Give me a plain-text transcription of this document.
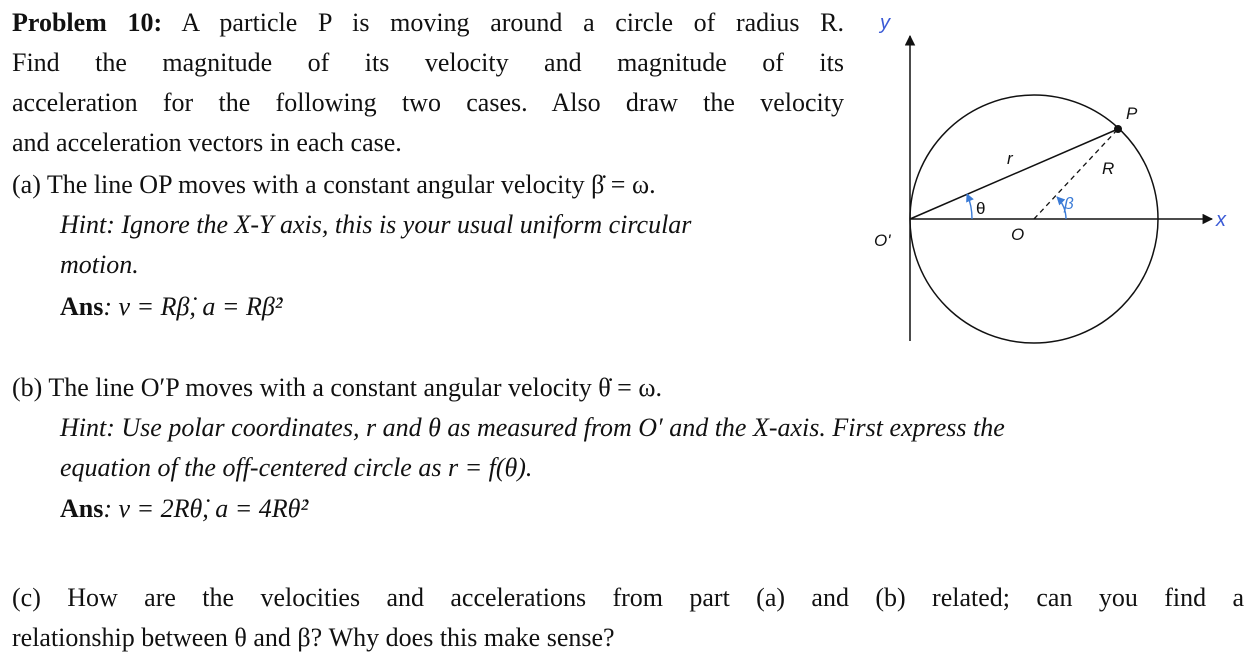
Problem 10: A particle P is moving around a circle of radius R.
Find the magnitude of its velocity and magnitude of its
acceleration for the following two cases. Also draw the velocity
and acceleration vectors in each case.
(a) The line OP moves with a constant angular velocity β̇ = ω.
Hint: Ignore the X-Y axis, this is your usual uniform circular
motion.
Ans: v = Rβ̇, a = Rβ̇²
(b) The line O′P moves with a constant angular velocity θ̇ = ω.
Hint: Use polar coordinates, r and θ as measured from O′ and the X-axis. First express the
equation of the off-centered circle as r = f(θ).
Ans: v = 2Rθ̇, a = 4Rθ̇²
(c) How are the velocities and accelerations from part (a) and (b) related; can you find a
relationship between θ and β? Why does this make sense?
y
x
O'	O
P
r
R
θ	β
